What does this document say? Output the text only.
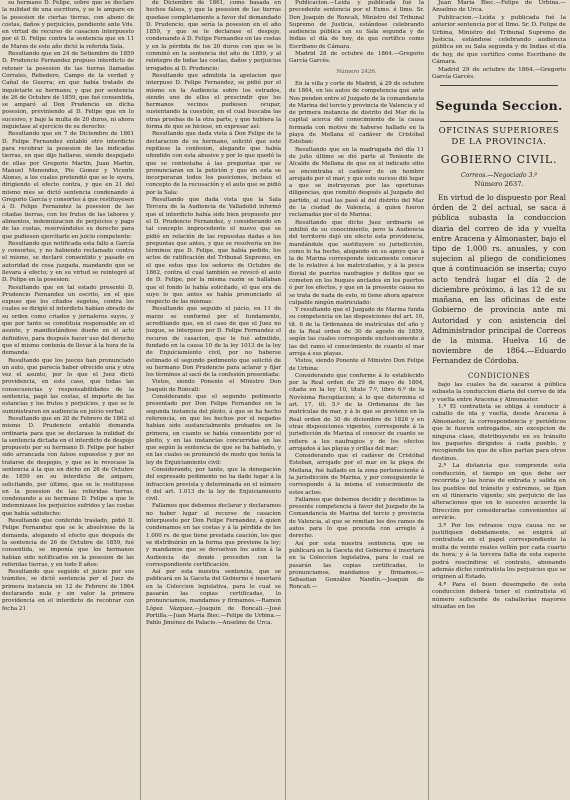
su hermano D. Felipe, sobre que se declare la nulidad de una escritura, y se le ampare en la posesion de ciertas tierras, con abono de costas, daños y perjuicios, pendiente ante Vds. en virtud de recurso de casacion interpuesto por el D. Felipe contra la sentencia que en 11 de Marzo de este año dictó la referida Sala.

Resultando que en 24 de Setiembre de 1859 D. Prudencio Fernandez propuso interdicto de retener la posesion de las tierras llamadas Corrales, Rebedero, Campo de la verdad y Cañal de Guerra; en que había tratado de inquietarle su hermano; y que por sentencia de 26 de Octubre de 1859, que fué consentida, se amparó al Don Prudencio en dicha posesion, previniendo al D. Felipe que en lo sucesivo, y bajo la multa de 20 duros, ni ahora inquietase al ejercicio de su derecho:

Resultando que en 7 de Diciembre de 1861 D. Felipe Fernandez entabló otro interdicto para recobrar la posesion de las indicadas tierras, en que dijo hallarse, siendo despojado de ellas por Gregorio Martin, Juan Martin, Manuel Menendez, Pio Gomez y Vicente Alonso, a los cuales pretendió que se le oyera, dirigiendo el efecto contra, y que en 21 del mismo mes se dictó sentencia condenando á Gregorio García y consortes á que restituyesen á D. Felipe Fernandez la posesion de las citadas tierras, con los frutos de las labores y alimentos, indemnizacion de perjuicios y pago de las costas, reservándoles su derecho para que pudiesen ejercitarle en juicio competente:

Resultando que notificada esta fallo a García y consortes, y no habiendo reclamado contra el mismo, se declaró consentido y pasado en autoridad de cosa juzgada, mandando que se llevara á efecto; y en su virtud se reintegró al D. Felipe en la posesion:

Resultando que en tal estado presentó D. Prudencio Fernandez un escrito, en el que expuso que los citados sugetos, contra los cuales se dirigió el interdicto habían obrado de su orden como criados y jornaleros suyos, y que por tanto se constituía responsable en el asunto, y manifestándose dueño en el acto definitivo, para después hacer uso del derecho que el mismo contenía de llevar á la hora de la demanda:

Resultando que los jueces han pronunciado un auto, que parecía haber ofrecido una y otra vez el asunto, por lo que el Juez dictó providencia, en este caso, que todas las consecuencias y responsabilidades de la sentencia, pagó las costas, el importe de las estancias y los frutos y perjuicios, y que se le suministraren en audiencia en juicio verbal:

Resultando que en 20 de Febrero de 1862 el mismo D. Prudencio entabló demanda ordinaria para que se declarase la nulidad de la sentencia dictada en el interdicto de despojo propuesto por su hermano D. Felipe por haber sido arrancada con falsos supuestos y por no tratarse de despojos, y que se le revocase la sentencia á la que en dicho en 26 de Octubre de 1859 en su interdicto de amparo, solicitando, por último, que se le restituyese en la posesion de las referidas tierras, condenando a su hermano D. Felipe a que le indemnizase los perjuicios sufridos y las costas que había satisfecho:

Resultando que conferido traslado, pidió D. Felipe Fernandez que se le absolviese de la demanda, alegando el efecto que después de la sentencia de 26 de Octubre de 1859, fué consentida, se imponía que los hermanos habían sido notificados en la posesion de las referidas tierras, y en todo 8 años:

Resultando que seguido el juicio por sus trámites, se dictó sentencia por el Juez de primera instancia en 12 de Febrero de 1864 declarando nula y sin valor la primera providencia en el interdicto de recobrar con fecha 21

de Diciembre de 1861, como basada en hechos falsos, y que la posesion de las tierras quedase completamente a favor del demandado D. Prudencio, que sería la posesion en el año 1859, y que se le declarase el despojo, condenando á D. Felipe Fernandez en las costas y en la pérdida de los 20 duros con que se le conminó en la sentencia del año de 1859, y al reintegro de todas las costas, daños y perjuicios irrogados al D. Prudencio:

Resultando que admitida la apelacion que interpuso D. Felipe Fernandez, se pidió por el mismo en la Audiencia sobre los estrados, siendo uno de ellos el prescindir que los hermanos vecinos pudiesen ocupar, sustentando la cuestión, en el cual buscaba las otras pruebas de la otra parte, y que hubiera la forma de que se hiciese, en expresar así:

Resultando que dada vista á Don Felipe de la declaracion de su hermano, solicitó que este repitiese la confesion, alegando que había ofendido con esta abusive y por lo que quedó la que se contestaba á las preguntas que se pronunciaran en la petición y que en esta se incorporaran todos los posiciones, incluso el concepto de la recusación y el auto que se pidió por la Sala:

Resultando que dada vista que la Sala Tercera de la Audiencia de Valladolid informó que el interdicto había sido bien propuesto por el D. Prudencio Fernandez, y considerando en tal concepto improcedente el nuevo que se pidió en relación de las repuestas dadas a los preguntas que antes, y que se resolvería en los términos que D. Felipe, que había pedido, los actos de ratificación del Tribunal Supremo, en el que estos que los señores de Octubre de 1862, contra el cual también se revocó el auto de D. Felipe, por la misma razón se hallaban que el fondo lo había solicitado, el que era de suyo lo que antes se había pronunciado al respecto de las mismas:

Resultando que seguido el juicio, en 11 de marzo se conformó por el fundamento, acreditando que, en el caso de que el Juez no juzgue, se interpuso por D. Felipe Fernandez el recurso de casacion, que le fué admitido, fundado en la causa 10 de la ley 1013 de la ley de Enjuiciamiento civil, por no haberse estimado el segundo pedimento que solicitó de su hermano Don Prudencio para aclarar y fijar los términos al sacó de la confesión presentada:

Vistos, siendo Ponente el Ministro Don Joaquín de Roncali:

Considerando que el segundo pedimento presentado por Don Felipe Fernandez en la segunda instancia del pleito, á que se ha hecho referencia, en que los hechos por el negados habían sido sustancialmente probados en la primera, en cuanto se había consentido por el pleito, y en las instancias concurridas en las que según la sentencia de que se ha hablado, y en las cuales se pronunció de modo que tenía la ley de Enjuiciamiento civil:

Considerando, por tanto, que la denegación del expresado pedimento no ha dado lugar á la infraccion prevista y determinada en el número 6 del art. 1.013 de la ley de Enjuiciamiento civil.

Fallamos que debemos declarar y declaramos no haber lugar al recurso de casacion interpuesto por Don Felipe Fernandez, á quien condenamos en las costas y á la pérdida de los 1.000 rs. de que tiene prestada caución, los que se distribuirán en la forma que previene la ley; y mandamos que se devuelvan los autos á la Audiencia de donde proceden con la correspondiente certificación.

Así por esta nuestra sentencia, que se publicará en la Gaceta del Gobierno é insertará en la Coleccion legislativa, para lo cual se pasarán las copias certificadas, lo pronunciamos, mandamos y firmamos.—Ramon López Vázquez.—Joaquin de Roncali.—José Portilla.—Juan María Biec.—Felipe de Urbina.—Pablo Jiménez de Palacio.—Anselmo de Urca.

Publicacion.—Leída y publicada fué la precedente sentencia por el Exmo. é Ilmo. Sr. Don Joaquin de Roncali, Ministro del Tribunal Supremo de Justicia, estándose celebrando audiencia pública en su Sala segunda y de Indias el día de hoy, de que certifico como Escribano de Cámara.

Madrid 28 de octubre de 1864.—Gregorio García Garcés.

Número 2426.

En la villa y corte de Madrid, á 29 de octubre de 1864, en los autos de competencia que ante Nos penden entre el Juzgado de la comandancia de Marina del tercio y provincia de Valencia y el de primera instancia de distrito del Mar de la capital acerca del conocimiento de la causa formada con motivo de haberse hallado en la playa de Mellana el cadáver de Cristóbal Esteban:

Resultando que en la madrugada del día 11 de julio último se dió parte al Teniente de Alcalde de Mellana de que en el indicado sitio se encontraba el cadáver de un hombre arrojado por el mar; y que este suceso dió lugar a que se instruyeran por las oportunas diligencias, que remitió después al Juzgado del partido, al cual las pasó al del distrito del Mar de la ciudad de Valencia, á quien fueron reclamadas por el de Marina:

Resultando que dicho Juez ordinario se inhibió de su conocimiento, pero la Audiencia del territorio dejó sin efecto esta providencia, mandándole que sustituyere su jurisdicción, como lo ha hecho, alegando en su apoyo que á la de Marina corresponde únicamente conocer de lo relativo á los matriculados, y á la pesca fluvial de puertos naufragios y delitos que se cometen en los buques anclados en los puertos ó por los efectos, y que en la presente causa no se trata de nada de esto, ni tiene ahora aparece culpable ningún matriculado:

Y resultando que el Juzgado de Marina funda su competencia en las disposiciones del art. 10, tít. 6 de la Ordenanza de matrículas del año y de la Real orden de 30 de agosto de 1859, según las cuales corresponde exclusivamente á las del ramo el conocimiento de cuanto el mar arroja á sus playas.

Vistos, siendo Ponente el Ministro Don Felipe de Urbina:

Considerando que conforme á lo establecido por la Real orden de 29 de mayo de 1804, citada en la ley 10, título 7.º, libro 6.º de la Novísima Recopilacion; á lo que determina el art. 17, tít. 5.º de la Ordenanza de las matrículas de mar, y á lo que se previene en la Real orden de 30 de diciembre de 1826 y en otras disposiciones vigentes, corresponde á la jurisdicción de Marina el conocer de cuanto se refiere a los naufragios y de los efectos arrojados á las playas y orillas del mar:

Considerando que el cadáver de Cristóbal Esteban, arrojado por el mar en la playa de Mellana, fué hallado en la zona perteneciente á la jurisdicción de Marina, y por consiguiente le corresponde á la misma el conocimiento de estos actos:

Fallamos que debemos decidir y decidimos la presente competencia á favor del Juzgado de la Comandancia de Marina del tercio y provincia de Valencia, al que se remitan los dos ramos de autos para lo que proceda con arreglo á derecho.

Así por esta nuestra sentencia, que se publicará en la Gaceta del Gobierno é insertará en la Coleccion legislativa, para lo cual se pasarán las copias certificadas, lo pronunciamos, mandamos y firmamos.—Sebastian González Nandín.—Joaquin de Roncali.—

Juan María Biec.—Felipe de Urbina.—Anselmo de Urca.

Publicacion.—Leída y publicada fué la anterior sentencia por el Ilmo. Sr. D. Felipe de Urbina, Ministro del Tribunal Supremo de Justicia, estándose celebrando audiencia pública en su Sala segunda y de Indias el día de hoy, de que certifico como Escribano de Cámara.

Madrid 29 de octubre de 1864.—Gregorio García Garcés.

Segunda Seccion.
OFICINAS SUPERIORES
DE LA PROVINCIA.
GOBIERNO CIVIL.
Correos.—Negociado 3.º
Número 2637.

En virtud de lo dispuesto por Real órden de 2 del actual, se saca á pública subasta la conduccion diaria del correo de ida y vuelta entre Aracena y Almonaster, bajo el tipo de 1.000 rs. anuales, y con sujecion al pliego de condiciones que á continuación se inserta; cuyo acto tendrá lugar el día 2 de diciembre próximo, á las 12 de su mañana, en las oficinas de este Gobierno de provincia ante mi Autoridad y con asistencia del Administrador principal de Correos de la misma. Huelva 16 de noviembre de 1864.—Eduardo Fernandez de Córdoba.

CONDICIONES

bajo las cuales ha de sacarse á pública subasta la conduccion diaria del correo de ida y vuelta entre Aracena y Almonaster.

1.ª El contratista se obliga á conducir á caballo de ida y vuelta, desde Aracena á Almonaster, la correspondencia y periódicos que le fueren entregados, sin excepcion de ninguna clase, distribuyendo en su tránsito los paquetes dirigidos á cada pueblo, y recogiendo los que de ellos partan para otros destinos.

2.ª La distancia que comprende esta conducción, el tiempo en que debe ser recorrida y las horas de entrada y salida en los pueblos del tránsito y extremos, se fijan en el itinerario vigente; sin perjuicio de las alteraciones que en lo sucesivo acuerde la Dirección por considerarlas convenientes al servicio.

3.ª Por los retrasos cuya causa no se justifiquen debidamente, se exigirá al contratista en el papel correspondiente la multa de veinte reales vellón por cada cuarto de hora; y á la tercera falta de esta especie podrá rescindirse el contrato, abonando además dicho contratista los perjuicios que se originen al Estado.

4.ª Para el buen desempeño de esta conduccion deberá tener el contratista el número suficiente de caballerías mayores situadas en los
